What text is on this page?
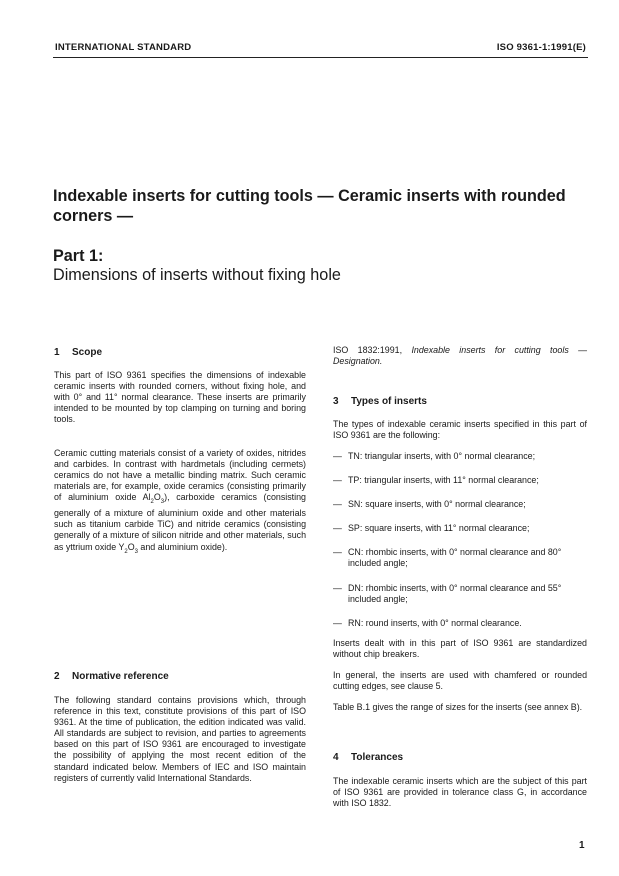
INTERNATIONAL STANDARD	ISO 9361-1:1991(E)
Indexable inserts for cutting tools — Ceramic inserts with rounded corners —
Part 1:
Dimensions of inserts without fixing hole
1 Scope
This part of ISO 9361 specifies the dimensions of indexable ceramic inserts with rounded corners, without fixing hole, and with 0° and 11° normal clearance. These inserts are primarily intended to be mounted by top clamping on turning and boring tools.
Ceramic cutting materials consist of a variety of oxides, nitrides and carbides. In contrast with hardmetals (including cermets) ceramics do not have a metallic binding matrix. Such ceramic materials are, for example, oxide ceramics (consisting primarily of aluminium oxide $Al_2O_3$), carboxide ceramics (consisting generally of a mixture of aluminium oxide and other materials such as titanium carbide TiC) and nitride ceramics (consisting generally of a mixture of silicon nitride and other materials, such as yttrium oxide $Y_2O_3$ and aluminium oxide).
2 Normative reference
The following standard contains provisions which, through reference in this text, constitute provisions of this part of ISO 9361. At the time of publication, the edition indicated was valid. All standards are subject to revision, and parties to agreements based on this part of ISO 9361 are encouraged to investigate the possibility of applying the most recent edition of the standard indicated below. Members of IEC and ISO maintain registers of currently valid International Standards.
ISO 1832:1991, Indexable inserts for cutting tools — Designation.
3 Types of inserts
The types of indexable ceramic inserts specified in this part of ISO 9361 are the following:
— TN: triangular inserts, with 0° normal clearance;
— TP: triangular inserts, with 11° normal clearance;
— SN: square inserts, with 0° normal clearance;
— SP: square inserts, with 11° normal clearance;
— CN: rhombic inserts, with 0° normal clearance and 80° included angle;
— DN: rhombic inserts, with 0° normal clearance and 55° included angle;
— RN: round inserts, with 0° normal clearance.
Inserts dealt with in this part of ISO 9361 are standardized without chip breakers.
In general, the inserts are used with chamfered or rounded cutting edges, see clause 5.
Table B.1 gives the range of sizes for the inserts (see annex B).
4 Tolerances
The indexable ceramic inserts which are the subject of this part of ISO 9361 are provided in tolerance class G, in accordance with ISO 1832.
1
